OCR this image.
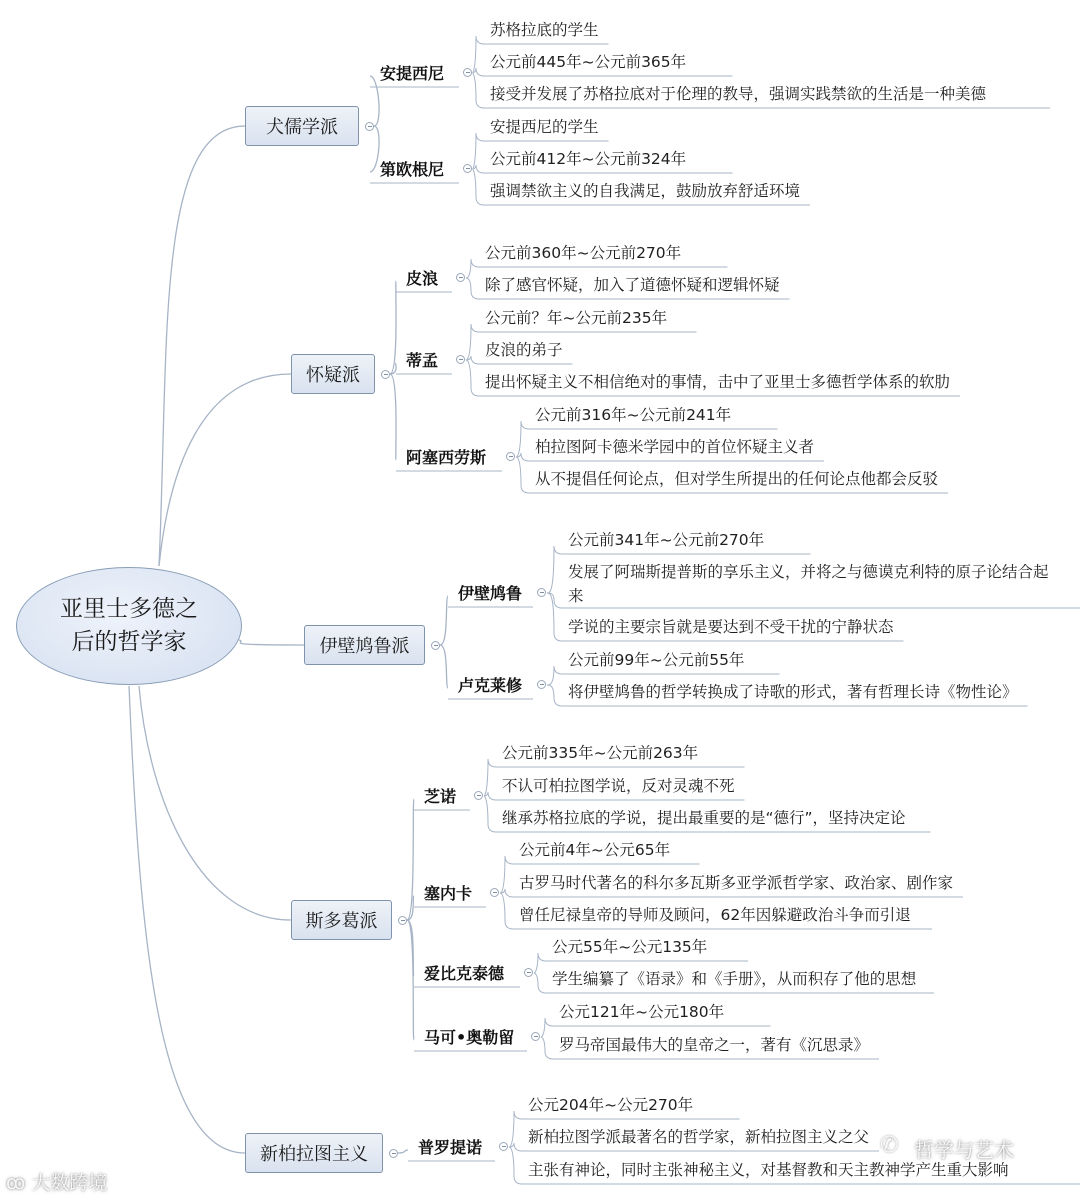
亚里士多德之后的哲学家
犬儒学派
安提西尼
苏格拉底的学生
公元前445年~公元前365年
接受并发展了苏格拉底对于伦理的教导，强调实践禁欲的生活是一种美德
第欧根尼
安提西尼的学生
公元前412年~公元前324年
强调禁欲主义的自我满足，鼓励放弃舒适环境
怀疑派
皮浪
公元前360年~公元前270年
除了感官怀疑，加入了道德怀疑和逻辑怀疑
蒂孟
公元前？年~公元前235年
皮浪的弟子
提出怀疑主义不相信绝对的事情，击中了亚里士多德哲学体系的软肋
阿塞西劳斯
公元前316年~公元前241年
柏拉图阿卡德米学园中的首位怀疑主义者
从不提倡任何论点，但对学生所提出的任何论点他都会反驳
伊壁鸠鲁派
伊壁鸠鲁
公元前341年~公元前270年
发展了阿瑞斯提普斯的享乐主义，并将之与德谟克利特的原子论结合起来
学说的主要宗旨就是要达到不受干扰的宁静状态
卢克莱修
公元前99年~公元前55年
将伊壁鸠鲁的哲学转换成了诗歌的形式，著有哲理长诗《物性论》
斯多葛派
芝诺
公元前335年~公元前263年
不认可柏拉图学说，反对灵魂不死
继承苏格拉底的学说，提出最重要的是“德行”，坚持决定论
塞内卡
公元前4年~公元65年
古罗马时代著名的科尔多瓦斯多亚学派哲学家、政治家、剧作家
曾任尼禄皇帝的导师及顾问，62年因躲避政治斗争而引退
爱比克泰德
公元55年~公元135年
学生编纂了《语录》和《手册》，从而积存了他的思想
马可•奥勒留
公元121年~公元180年
罗马帝国最伟大的皇帝之一，著有《沉思录》
新柏拉图主义	普罗提诺
公元204年~公元270年
新柏拉图学派最著名的哲学家，新柏拉图主义之父
主张有神论，同时主张神秘主义，对基督教和天主教神学产生重大影响
✆ 哲学与艺术
ꝏ 大数跨境
